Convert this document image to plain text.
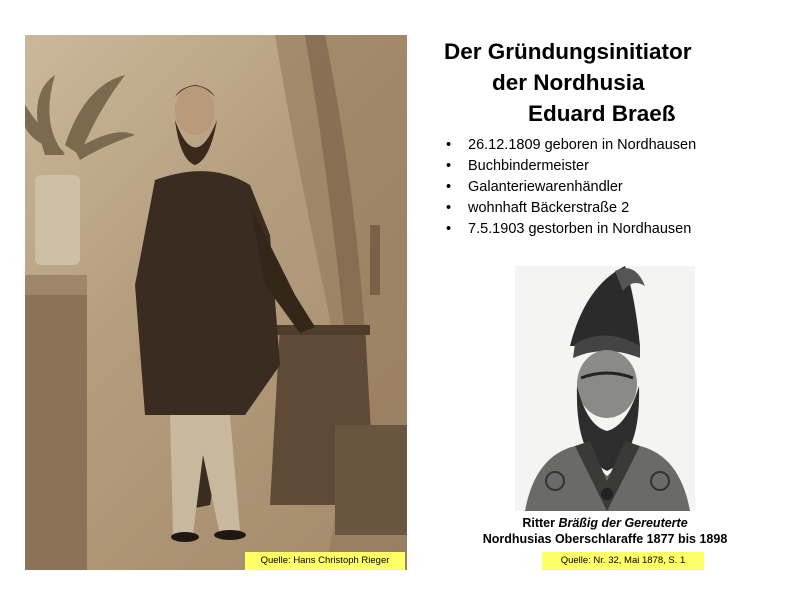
Quelle: Hans Christoph Rieger
Der Gründungsinitiator
der Nordhusia
Eduard Braeß
• 26.12.1809 geboren in Nordhausen
• Buchbindermeister
• Galanteriewarenhändler
• wohnhaft Bäckerstraße 2
• 7.5.1903 gestorben in Nordhausen
Ritter Bräßig der Gereuterte
Nordhusias Oberschlaraffe 1877 bis 1898
Quelle: Nr. 32, Mai 1878, S. 1
